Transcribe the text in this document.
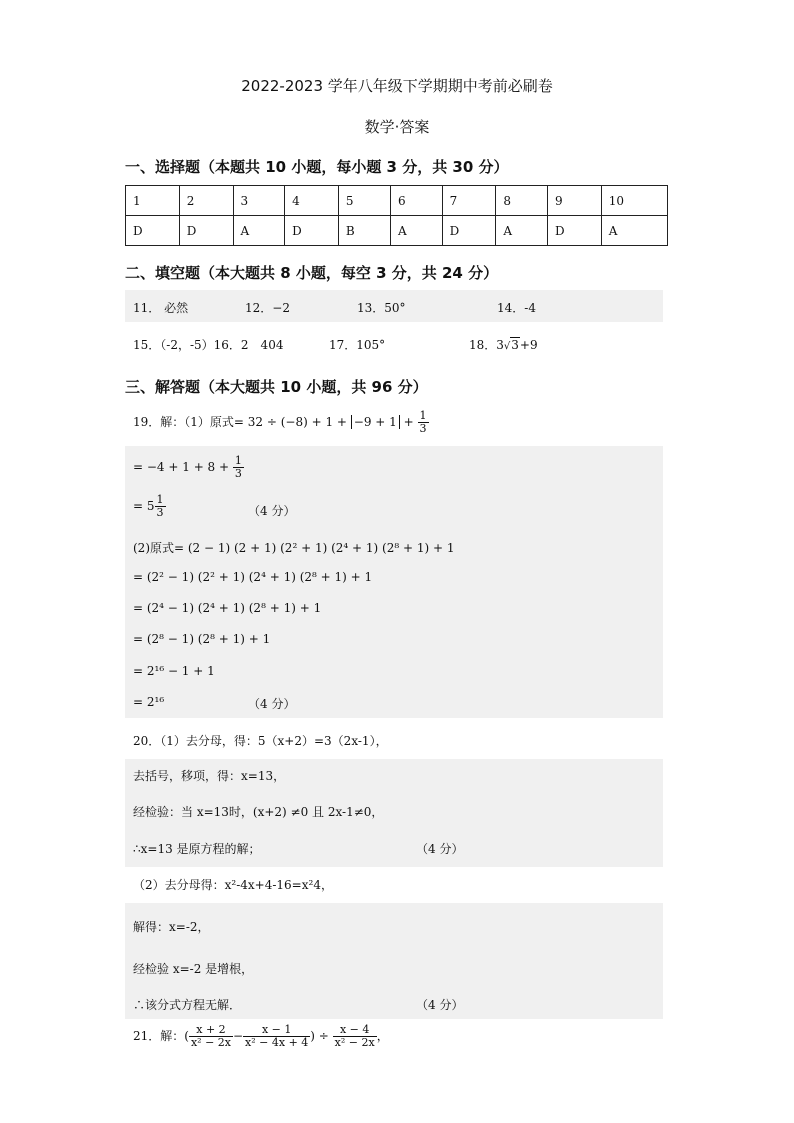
2022-2023 学年八年级下学期期中考前必刷卷
数学·答案
一、选择题（本题共 10 小题，每小题 3 分，共 30 分）
1	2	3	4	5	6	7	8	9	10
D	D	A	D	B	A	D	A	D	A
二、填空题（本大题共 8 小题，每空 3 分，共 24 分）
11． 必然	12．−2	13．50°	14．-4
15．（-2，-5）16．2　404	17．105°	18．3√3+9
三、解答题（本大题共 10 小题，共 96 分）
19．解：（1）原式= $32 \div (-8) + 1 + -9 + 1 + \frac{1}{3}$
= $-4 + 1 + 8 + \frac{1}{3}$
= $5 \frac{1}{3}$	（4 分）
(2)原式= (2 − 1) (2 + 1) (2² + 1) (2⁴ + 1) (2⁸ + 1) + 1
= (2² − 1) (2² + 1) (2⁴ + 1) (2⁸ + 1) + 1
= (2⁴ − 1) (2⁴ + 1) (2⁸ + 1) + 1
= (2⁸ − 1) (2⁸ + 1) + 1
= 2¹⁶ − 1 + 1
= 2¹⁶	（4 分）
20．（1）去分母，得：5（x+2）=3（2x-1），
去括号，移项，得：x=13，
经检验：当 x=13时，(x+2) ≠0 且 2x-1≠0，
∴x=13 是原方程的解；	（4 分）
（2）去分母得：x²-4x+4-16=x²4，
解得：x=-2，
经检验 x=-2 是增根，
∴该分式方程无解．	（4 分）
21．解：( $\frac{x + 2}{\text{x² − 2x}} - \frac{x - 1}{\text{x² − 4x + 4}}$ ) ÷ $\frac{x - 4}{\text{x² − 2x}}$ ，
